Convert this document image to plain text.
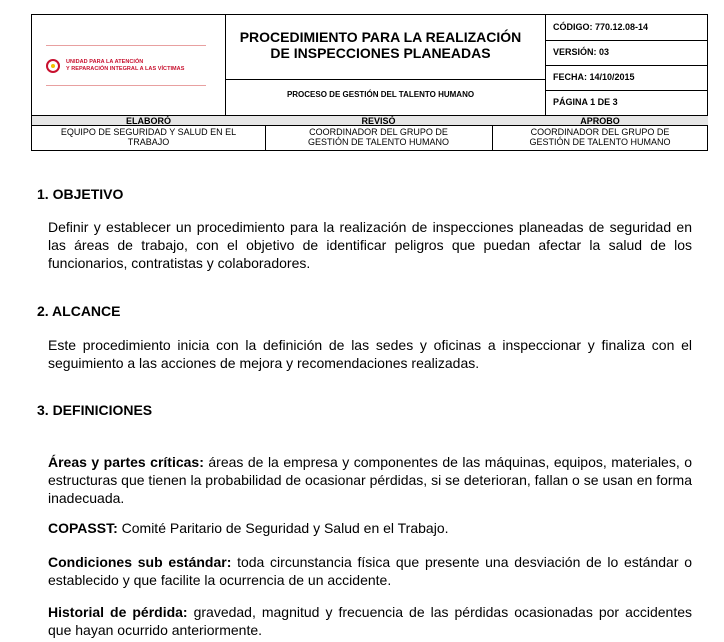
UNIDAD PARA LA ATENCIÓN
Y REPARACIÓN INTEGRAL A LAS VÍCTIMAS
PROCEDIMIENTO PARA LA REALIZACIÓN
DE INSPECCIONES PLANEADAS
PROCESO DE GESTIÓN DEL TALENTO HUMANO
CÓDIGO: 770.12.08-14
VERSIÓN: 03
FECHA: 14/10/2015
PÁGINA 1 DE 3
ELABORÓ	REVISÓ	APROBO
EQUIPO DE SEGURIDAD Y SALUD EN EL
TRABAJO
COORDINADOR DEL GRUPO DE
GESTIÓN DE TALENTO HUMANO
COORDINADOR DEL GRUPO DE
GESTIÓN DE TALENTO HUMANO
1. OBJETIVO
Definir y establecer un procedimiento para la realización de inspecciones planeadas de seguridad en las áreas de trabajo, con el objetivo de identificar peligros que puedan afectar la salud de los funcionarios, contratistas y colaboradores.
2. ALCANCE
Este procedimiento inicia con la definición de las sedes y oficinas a inspeccionar y finaliza con el seguimiento a las acciones de mejora y recomendaciones realizadas.
3. DEFINICIONES
Áreas y partes críticas: áreas de la empresa y componentes de las máquinas, equipos, materiales, o estructuras que tienen la probabilidad de ocasionar pérdidas, si se deterioran, fallan o se usan en forma inadecuada.
COPASST: Comité Paritario de Seguridad y Salud en el Trabajo.
Condiciones sub estándar: toda circunstancia física que presente una desviación de lo estándar o establecido y que facilite la ocurrencia de un accidente.
Historial de pérdida: gravedad, magnitud y frecuencia de las pérdidas ocasionadas por accidentes que hayan ocurrido anteriormente.
